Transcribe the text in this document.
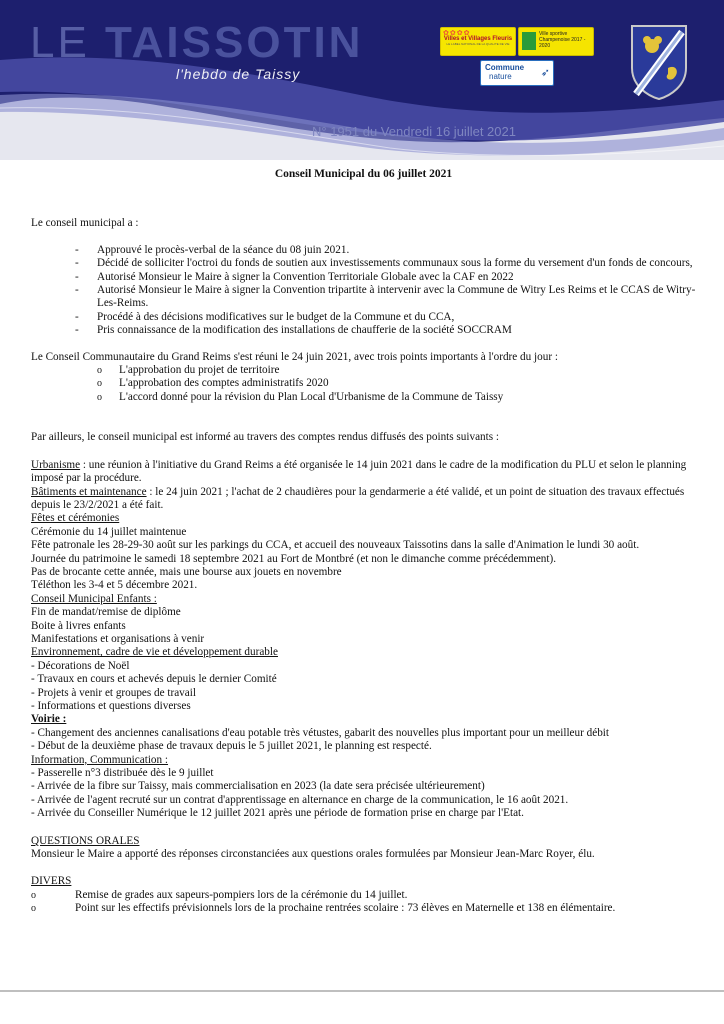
LE TAISSOTIN
l'hebdo de Taissy
N° 1951 du Vendredi 16 juillet 2021
✿✿✿✿
Villes et Villages Fleuris
LE LABEL NATIONAL DE LA QUALITE DE VIE
Ville sportive Champenoise 2017 - 2020
Commune
nature	➶

Conseil Municipal du 06 juillet 2021

Le conseil municipal a :

- Approuvé le procès-verbal de la séance du 08 juin 2021.
- Décidé de solliciter l'octroi du fonds de soutien aux investissements communaux sous la forme du versement d'un fonds de concours,
- Autorisé Monsieur le Maire à signer la Convention Territoriale Globale avec la CAF en 2022
- Autorisé Monsieur le Maire à signer la Convention tripartite à intervenir avec la Commune de Witry Les Reims et le CCAS de Witry-Les-Reims.
- Procédé à des décisions modificatives sur le budget de la Commune et du CCA,
- Pris connaissance de la modification des installations de chaufferie de la société SOCCRAM

Le Conseil Communautaire du Grand Reims s'est réuni le 24 juin 2021, avec trois points importants à l'ordre du jour :

o L'approbation du projet de territoire
o L'approbation des comptes administratifs 2020
o L'accord donné pour la révision du Plan Local d'Urbanisme de la Commune de Taissy

Par ailleurs, le conseil municipal est informé au travers des comptes rendus diffusés des points suivants :

Urbanisme : une réunion à l'initiative du Grand Reims a été organisée le 14 juin 2021 dans le cadre de la modification du PLU et selon le planning imposé par la procédure.

Bâtiments et maintenance : le 24 juin 2021 ; l'achat de 2 chaudières pour la gendarmerie a été validé, et un point de situation des travaux effectués depuis le 23/2/2021 a été fait.

Fêtes et cérémonies

Cérémonie du 14 juillet maintenue

Fête patronale les 28-29-30 août sur les parkings du CCA, et accueil des nouveaux Taissotins dans la salle d'Animation le lundi 30 août.

Journée du patrimoine le samedi 18 septembre 2021 au Fort de Montbré (et non le dimanche comme précédemment).

Pas de brocante cette année, mais une bourse aux jouets en novembre

Téléthon les 3-4 et 5 décembre 2021.

Conseil Municipal Enfants :

Fin de mandat/remise de diplôme

Boite à livres enfants

Manifestations et organisations à venir

Environnement, cadre de vie et développement durable

- Décorations de Noël

- Travaux en cours et achevés depuis le dernier Comité

- Projets à venir et groupes de travail

- Informations et questions diverses

Voirie :

- Changement des anciennes canalisations d'eau potable très vétustes, gabarit des nouvelles plus important pour un meilleur débit

- Début de la deuxième phase de travaux depuis le 5 juillet 2021, le planning est respecté.

Information, Communication :

- Passerelle n°3 distribuée dès le 9 juillet

- Arrivée de la fibre sur Taissy, mais commercialisation en 2023 (la date sera précisée ultérieurement)

- Arrivée de l'agent recruté sur un contrat d'apprentissage en alternance en charge de la communication, le 16 août 2021.

- Arrivée du Conseiller Numérique le 12 juillet 2021 après une période de formation prise en charge par l'Etat.

QUESTIONS ORALES

Monsieur le Maire a apporté des réponses circonstanciées aux questions orales formulées par Monsieur Jean-Marc Royer, élu.

DIVERS

o Remise de grades aux sapeurs-pompiers lors de la cérémonie du 14 juillet.
o Point sur les effectifs prévisionnels lors de la prochaine rentrées scolaire : 73 élèves en Maternelle et 138 en élémentaire.
